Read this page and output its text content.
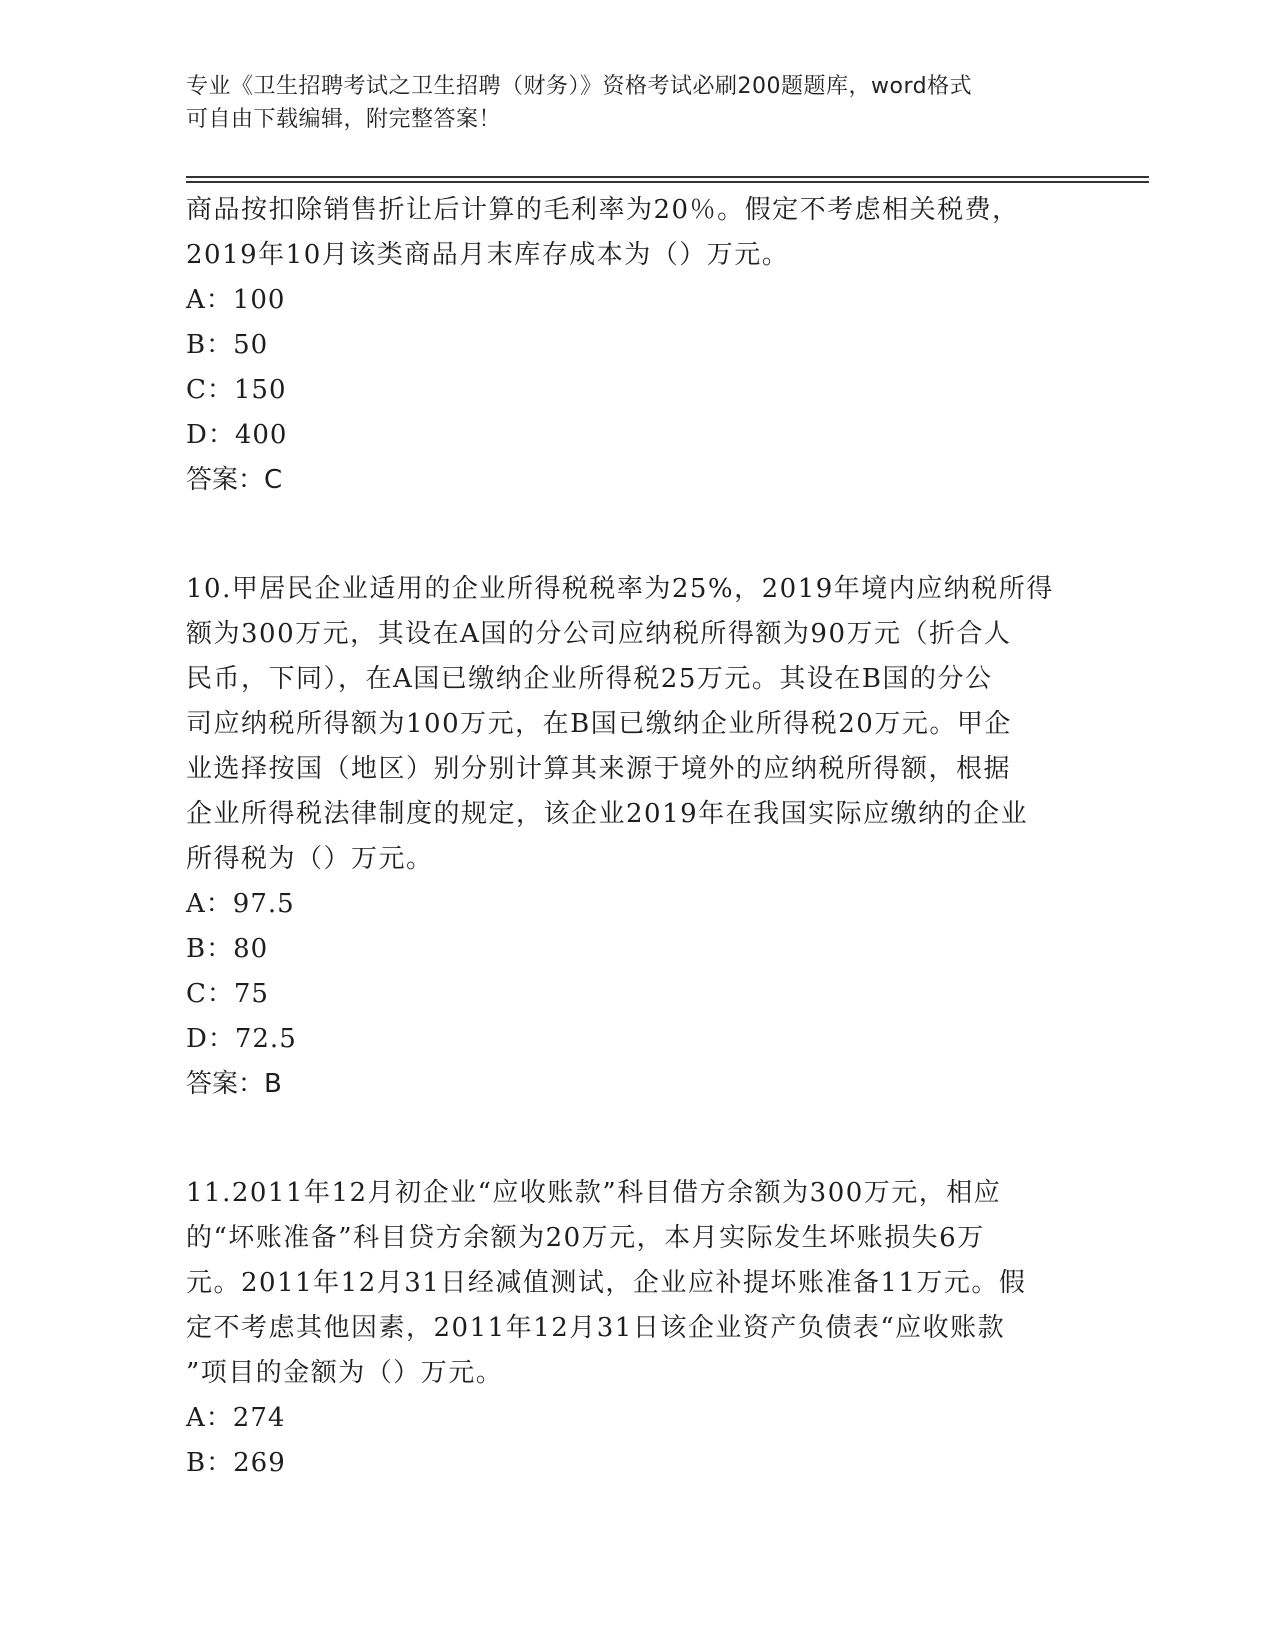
专业《卫生招聘考试之卫生招聘（财务）》资格考试必刷200题题库，word格式
可自由下载编辑，附完整答案！

商品按扣除销售折让后计算的毛利率为20％。假定不考虑相关税费，

2019年10月该类商品月末库存成本为（）万元。

A：100

B：50

C：150

D：400

答案：C

10.甲居民企业适用的企业所得税税率为25%，2019年境内应纳税所得

额为300万元，其设在A国的分公司应纳税所得额为90万元（折合人

民币，下同），在A国已缴纳企业所得税25万元。其设在B国的分公

司应纳税所得额为100万元，在B国已缴纳企业所得税20万元。甲企

业选择按国（地区）别分别计算其来源于境外的应纳税所得额，根据

企业所得税法律制度的规定，该企业2019年在我国实际应缴纳的企业

所得税为（）万元。

A：97.5

B：80

C：75

D：72.5

答案：B

11.2011年12月初企业“应收账款”科目借方余额为300万元，相应

的“坏账准备”科目贷方余额为20万元，本月实际发生坏账损失6万

元。2011年12月31日经减值测试，企业应补提坏账准备11万元。假

定不考虑其他因素，2011年12月31日该企业资产负债表“应收账款

”项目的金额为（）万元。

A：274

B：269
